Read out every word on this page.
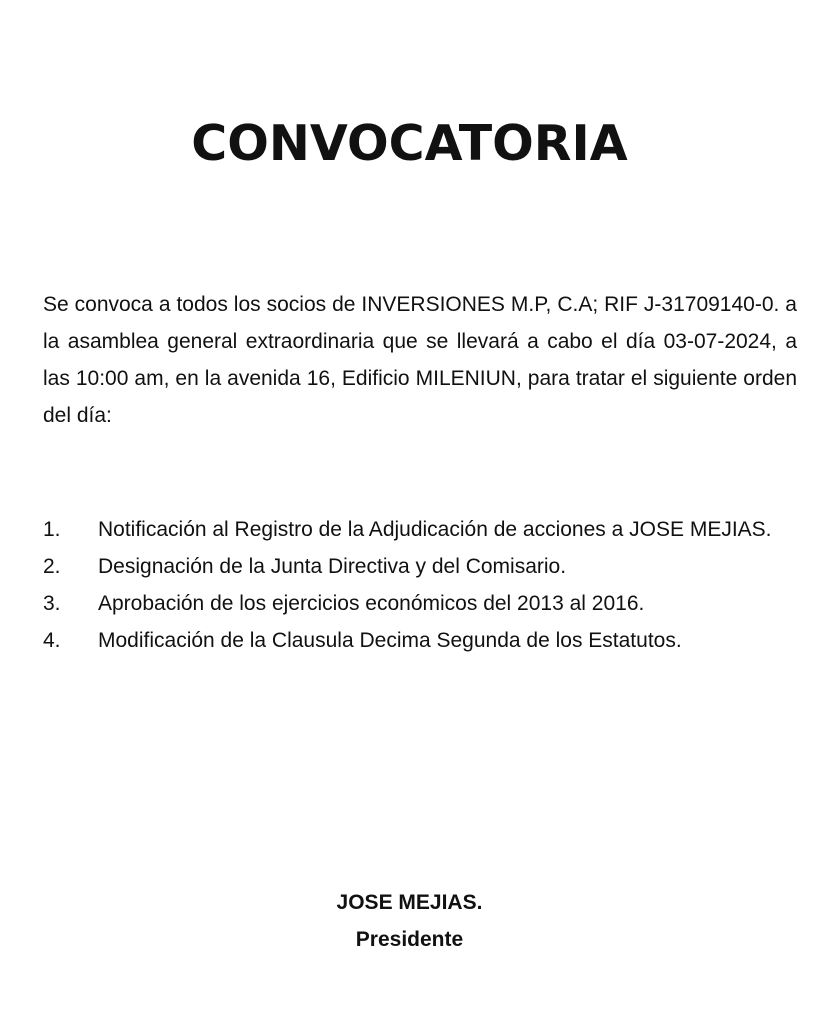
CONVOCATORIA

Se convoca a todos los socios de INVERSIONES M.P, C.A; RIF J-31709140-0. a la asamblea general extraordinaria que se llevará a cabo el día 03-07-2024, a las 10:00 am, en la avenida 16, Edificio MILENIUN, para tratar el siguiente orden del día:

1.	Notificación al Registro de la Adjudicación de acciones a JOSE MEJIAS.
2.	Designación de la Junta Directiva y del Comisario.
3.	Aprobación de los ejercicios económicos del 2013 al 2016.
4.	Modificación de la Clausula Decima Segunda de los Estatutos.
JOSE MEJIAS.
Presidente
